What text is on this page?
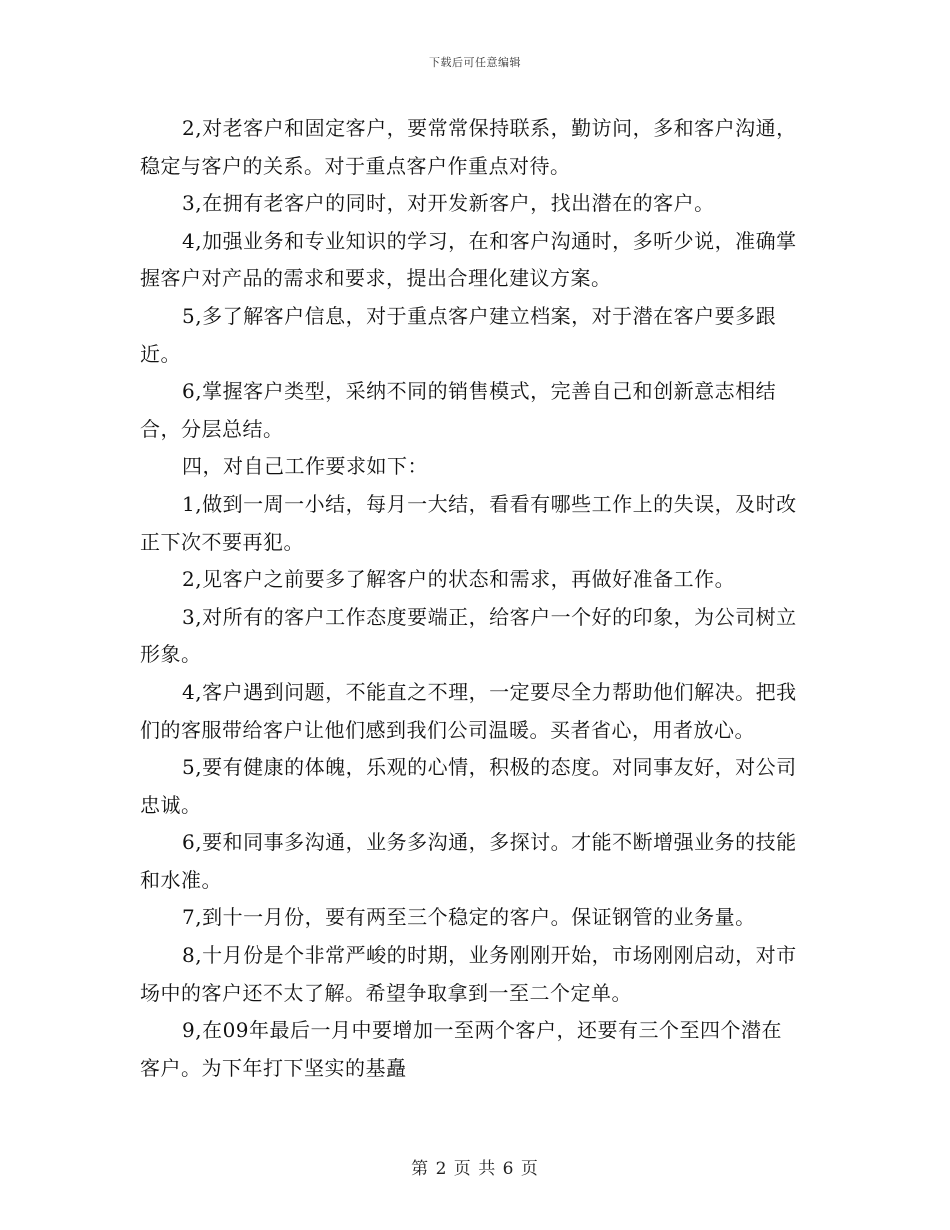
下载后可任意编辑

2,对老客户和固定客户，要常常保持联系，勤访问，多和客户沟通，稳定与客户的关系。对于重点客户作重点对待。

3,在拥有老客户的同时，对开发新客户，找出潜在的客户。

4,加强业务和专业知识的学习，在和客户沟通时，多听少说，准确掌握客户对产品的需求和要求，提出合理化建议方案。

5,多了解客户信息，对于重点客户建立档案，对于潜在客户要多跟近。

6,掌握客户类型，采纳不同的销售模式，完善自己和创新意志相结合，分层总结。

四，对自己工作要求如下：

1,做到一周一小结，每月一大结，看看有哪些工作上的失误，及时改正下次不要再犯。

2,见客户之前要多了解客户的状态和需求，再做好准备工作。

3,对所有的客户工作态度要端正，给客户一个好的印象，为公司树立形象。

4,客户遇到问题，不能直之不理，一定要尽全力帮助他们解决。把我们的客服带给客户让他们感到我们公司温暖。买者省心，用者放心。

5,要有健康的体魄，乐观的心情，积极的态度。对同事友好，对公司忠诚。

6,要和同事多沟通，业务多沟通，多探讨。才能不断增强业务的技能和水准。

7,到十一月份，要有两至三个稳定的客户。保证钢管的业务量。

8,十月份是个非常严峻的时期，业务刚刚开始，市场刚刚启动，对市场中的客户还不太了解。希望争取拿到一至二个定单。

9,在09年最后一月中要增加一至两个客户，还要有三个至四个潜在客户。为下年打下坚实的基矗

第 2 页 共 6 页
